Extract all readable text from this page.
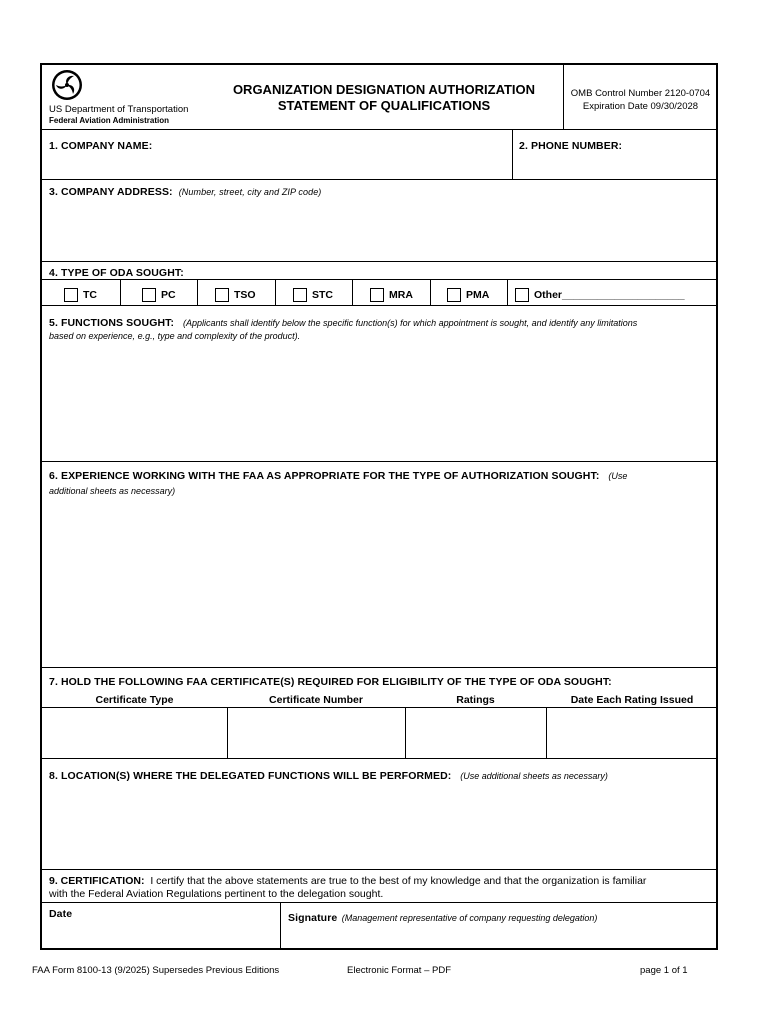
US Department of Transportation
Federal Aviation Administration
ORGANIZATION DESIGNATION AUTHORIZATION
STATEMENT OF QUALIFICATIONS
OMB Control Number 2120-0704
Expiration Date 09/30/2028
1. COMPANY NAME:	2. PHONE NUMBER:
3. COMPANY ADDRESS: (Number, street, city and ZIP code)
4. TYPE OF ODA SOUGHT:
TC	PC	TSO	STC	MRA	PMA	Other_____________________
5. FUNCTIONS SOUGHT: (Applicants shall identify below the specific function(s) for which appointment is sought, and identify any limitations
based on experience, e.g., type and complexity of the product).
6. EXPERIENCE WORKING WITH THE FAA AS APPROPRIATE FOR THE TYPE OF AUTHORIZATION SOUGHT: (Use
additional sheets as necessary)
7. HOLD THE FOLLOWING FAA CERTIFICATE(S) REQUIRED FOR ELIGIBILITY OF THE TYPE OF ODA SOUGHT:
Certificate Type	Certificate Number	Ratings	Date Each Rating Issued
8. LOCATION(S) WHERE THE DELEGATED FUNCTIONS WILL BE PERFORMED: (Use additional sheets as necessary)
9. CERTIFICATION: I certify that the above statements are true to the best of my knowledge and that the organization is familiar
with the Federal Aviation Regulations pertinent to the delegation sought.
Date	Signature (Management representative of company requesting delegation)
FAA Form 8100-13 (9/2025) Supersedes Previous Editions	Electronic Format – PDF	page 1 of 1
